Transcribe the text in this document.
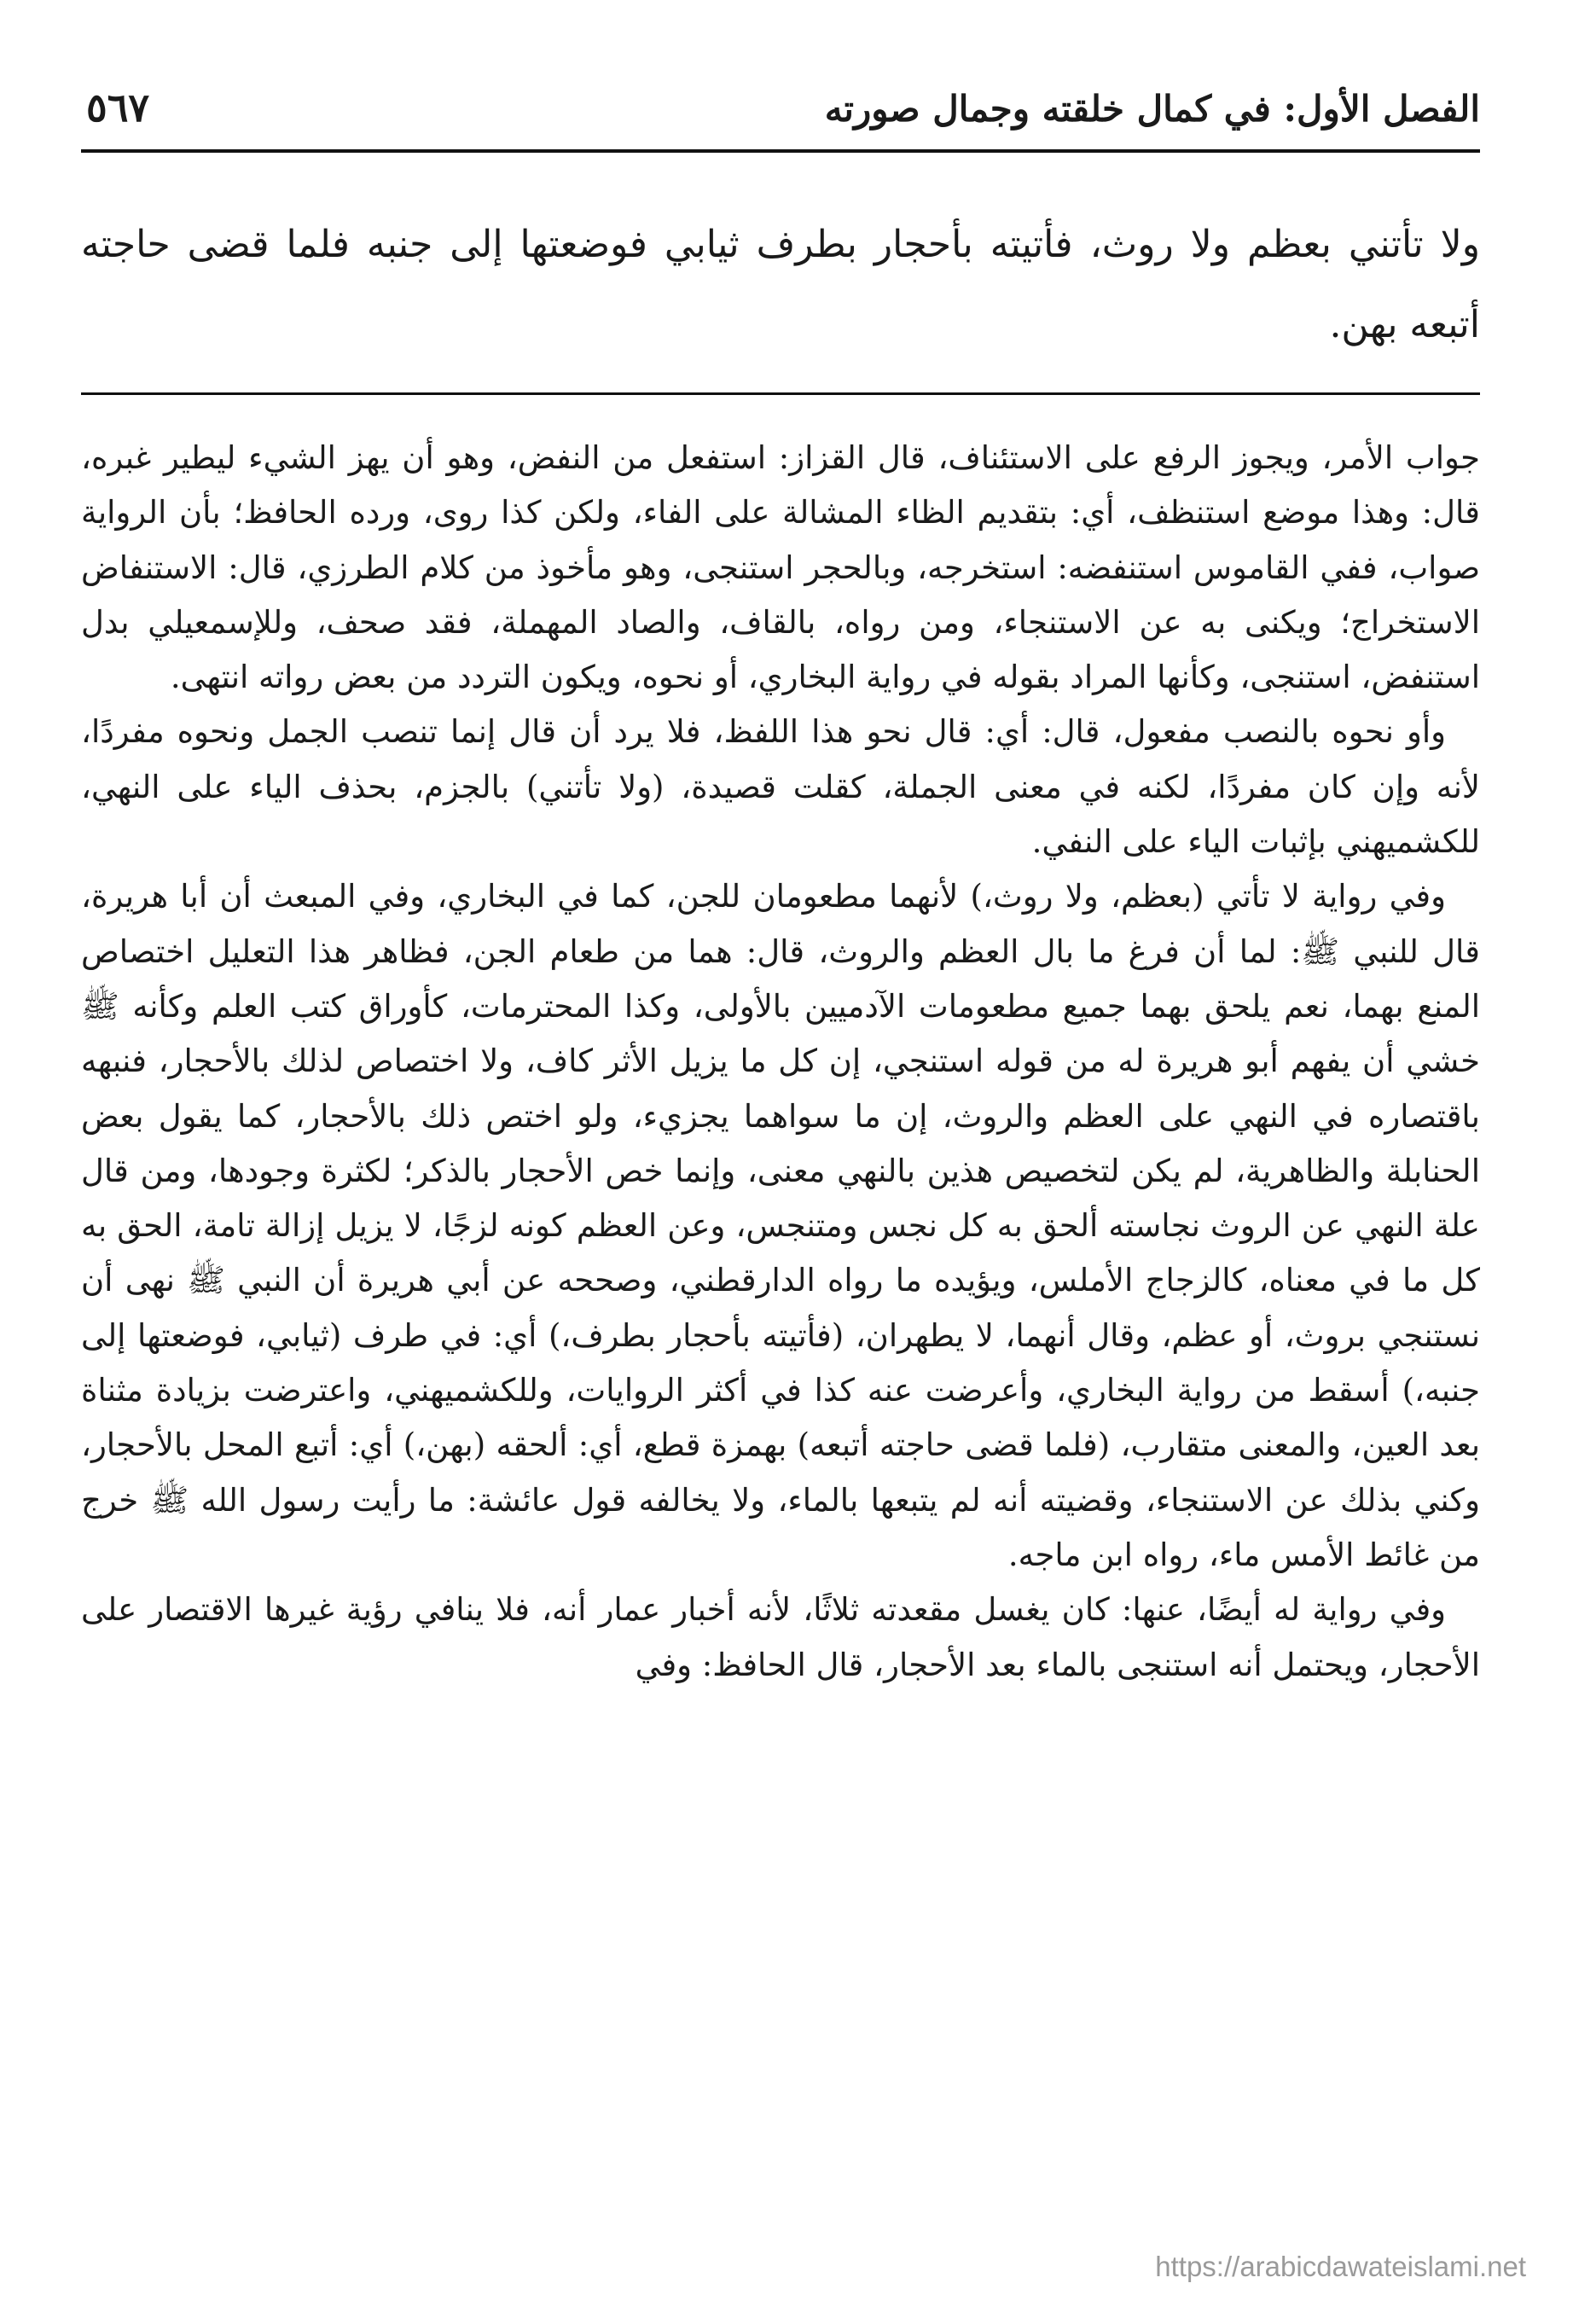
الفصل الأول: في كمال خلقته وجمال صورته
٥٦٧
ولا تأتني بعظم ولا روث، فأتيته بأحجار بطرف ثيابي فوضعتها إلى جنبه فلما قضى حاجته أتبعه بهن.

جواب الأمر، ويجوز الرفع على الاستئناف، قال القزاز: استفعل من النفض، وهو أن يهز الشيء ليطير غبره، قال: وهذا موضع استنظف، أي: بتقديم الظاء المشالة على الفاء، ولكن كذا روى، ورده الحافظ؛ بأن الرواية صواب، ففي القاموس استنفضه: استخرجه، وبالحجر استنجى، وهو مأخوذ من كلام الطرزي، قال: الاستنفاض الاستخراج؛ ويكنى به عن الاستنجاء، ومن رواه، بالقاف، والصاد المهملة، فقد صحف، وللإسمعيلي بدل استنفض، استنجى، وكأنها المراد بقوله في رواية البخاري، أو نحوه، ويكون التردد من بعض رواته انتهى.

وأو نحوه بالنصب مفعول، قال: أي: قال نحو هذا اللفظ، فلا يرد أن قال إنما تنصب الجمل ونحوه مفردًا، لأنه وإن كان مفردًا، لكنه في معنى الجملة، كقلت قصيدة، (ولا تأتني) بالجزم، بحذف الياء على النهي، للكشميهني بإثبات الياء على النفي.

وفي رواية لا تأتي (بعظم، ولا روث،) لأنهما مطعومان للجن، كما في البخاري، وفي المبعث أن أبا هريرة، قال للنبي ﷺ: لما أن فرغ ما بال العظم والروث، قال: هما من طعام الجن، فظاهر هذا التعليل اختصاص المنع بهما، نعم يلحق بهما جميع مطعومات الآدميين بالأولى، وكذا المحترمات، كأوراق كتب العلم وكأنه ﷺ خشي أن يفهم أبو هريرة له من قوله استنجي، إن كل ما يزيل الأثر كاف، ولا اختصاص لذلك بالأحجار، فنبهه باقتصاره في النهي على العظم والروث، إن ما سواهما يجزيء، ولو اختص ذلك بالأحجار، كما يقول بعض الحنابلة والظاهرية، لم يكن لتخصيص هذين بالنهي معنى، وإنما خص الأحجار بالذكر؛ لكثرة وجودها، ومن قال علة النهي عن الروث نجاسته ألحق به كل نجس ومتنجس، وعن العظم كونه لزجًا، لا يزيل إزالة تامة، الحق به كل ما في معناه، كالزجاج الأملس، ويؤيده ما رواه الدارقطني، وصححه عن أبي هريرة أن النبي ﷺ نهى أن نستنجي بروث، أو عظم، وقال أنهما، لا يطهران، (فأتيته بأحجار بطرف،) أي: في طرف (ثيابي، فوضعتها إلى جنبه،) أسقط من رواية البخاري، وأعرضت عنه كذا في أكثر الروايات، وللكشميهني، واعترضت بزيادة مثناة بعد العين، والمعنى متقارب، (فلما قضى حاجته أتبعه) بهمزة قطع، أي: ألحقه (بهن،) أي: أتبع المحل بالأحجار، وكني بذلك عن الاستنجاء، وقضيته أنه لم يتبعها بالماء، ولا يخالفه قول عائشة: ما رأيت رسول الله ﷺ خرج من غائط الأمس ماء، رواه ابن ماجه.

وفي رواية له أيضًا، عنها: كان يغسل مقعدته ثلاثًا، لأنه أخبار عمار أنه، فلا ينافي رؤية غيرها الاقتصار على الأحجار، ويحتمل أنه استنجى بالماء بعد الأحجار، قال الحافظ: وفي

https://arabicdawateislami.net
